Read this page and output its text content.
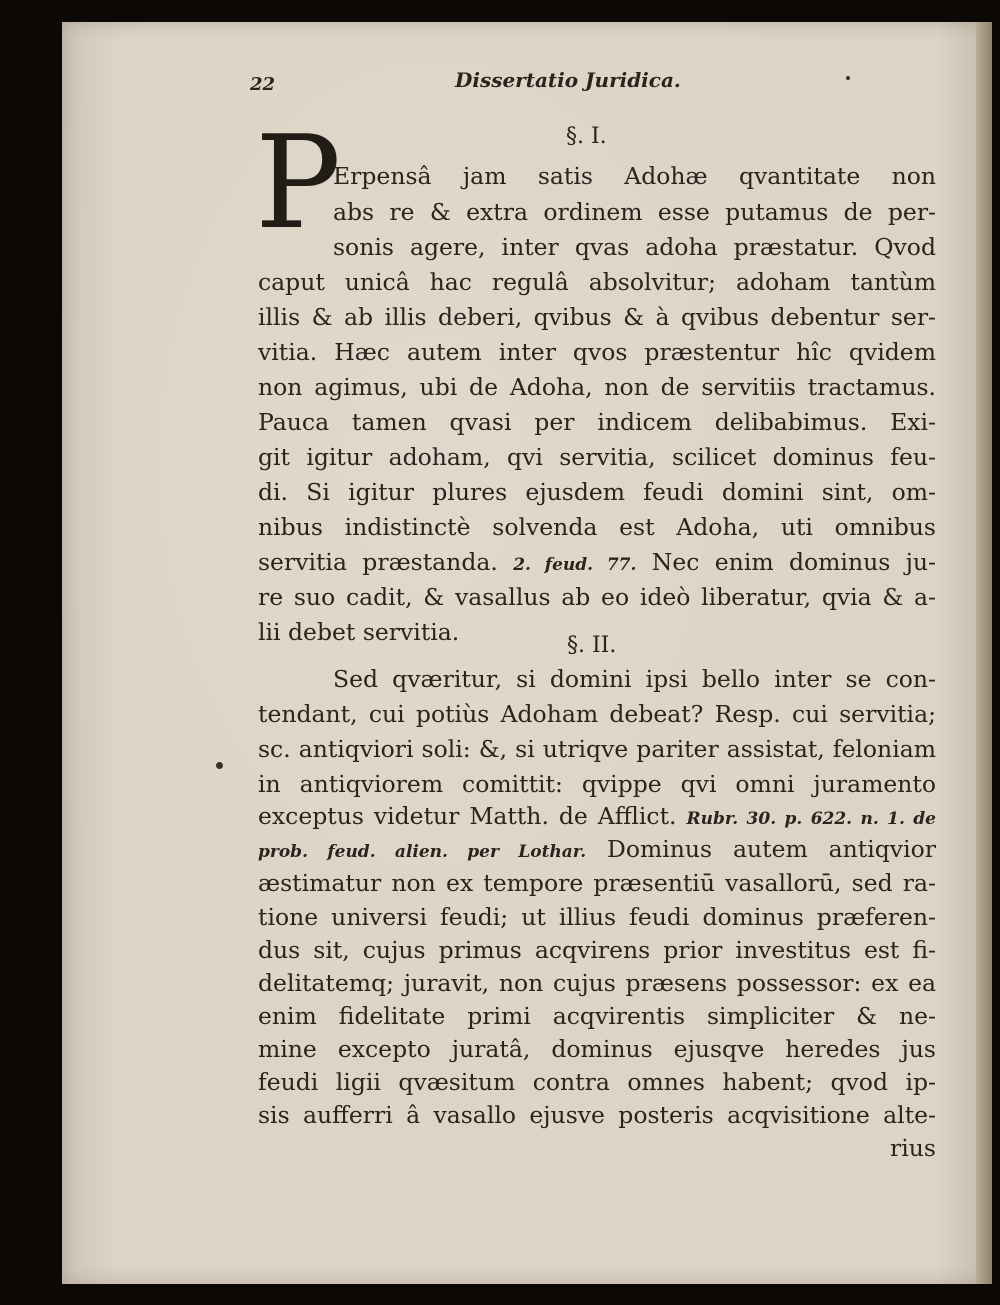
22	Dissertatio Juridica.
§. I.
P
Erpensâ jam satis Adohæ qvantitate non
abs re & extra ordinem esse putamus de per-
sonis agere, inter qvas adoha præstatur. Qvod
caput unicâ hac regulâ absolvitur; adoham tantùm
illis & ab illis deberi, qvibus & à qvibus debentur ser-
vitia. Hæc autem inter qvos præstentur hîc qvidem
non agimus, ubi de Adoha, non de servitiis tractamus.
Pauca tamen qvasi per indicem delibabimus. Exi-
git igitur adoham, qvi servitia, scilicet dominus feu-
di. Si igitur plures ejusdem feudi domini sint, om-
nibus indistinctè solvenda est Adoha, uti omnibus
servitia præstanda. 2. feud. 77. Nec enim dominus ju-
re suo cadit, & vasallus ab eo ideò liberatur, qvia & a-
lii debet servitia.	§. II.
Sed qværitur, si domini ipsi bello inter se con-
tendant, cui potiùs Adoham debeat? Resp. cui servitia;
sc. antiqviori soli: &, si utriqve pariter assistat, feloniam
in antiqviorem comittit: qvippe qvi omni juramento
exceptus videtur Matth. de Afflict. Rubr. 30. p. 622. n. 1. de
prob. feud. alien. per Lothar. Dominus autem antiqvior
æstimatur non ex tempore præsentiū vasallorū, sed ra-
tione universi feudi; ut illius feudi dominus præferen-
dus sit, cujus primus acqvirens prior investitus est fi-
delitatemq; juravit, non cujus præsens possessor: ex ea
enim fidelitate primi acqvirentis simpliciter & ne-
mine excepto juratâ, dominus ejusqve heredes jus
feudi ligii qvæsitum contra omnes habent; qvod ip-
sis aufferri â vasallo ejusve posteris acqvisitione alte-
rius
